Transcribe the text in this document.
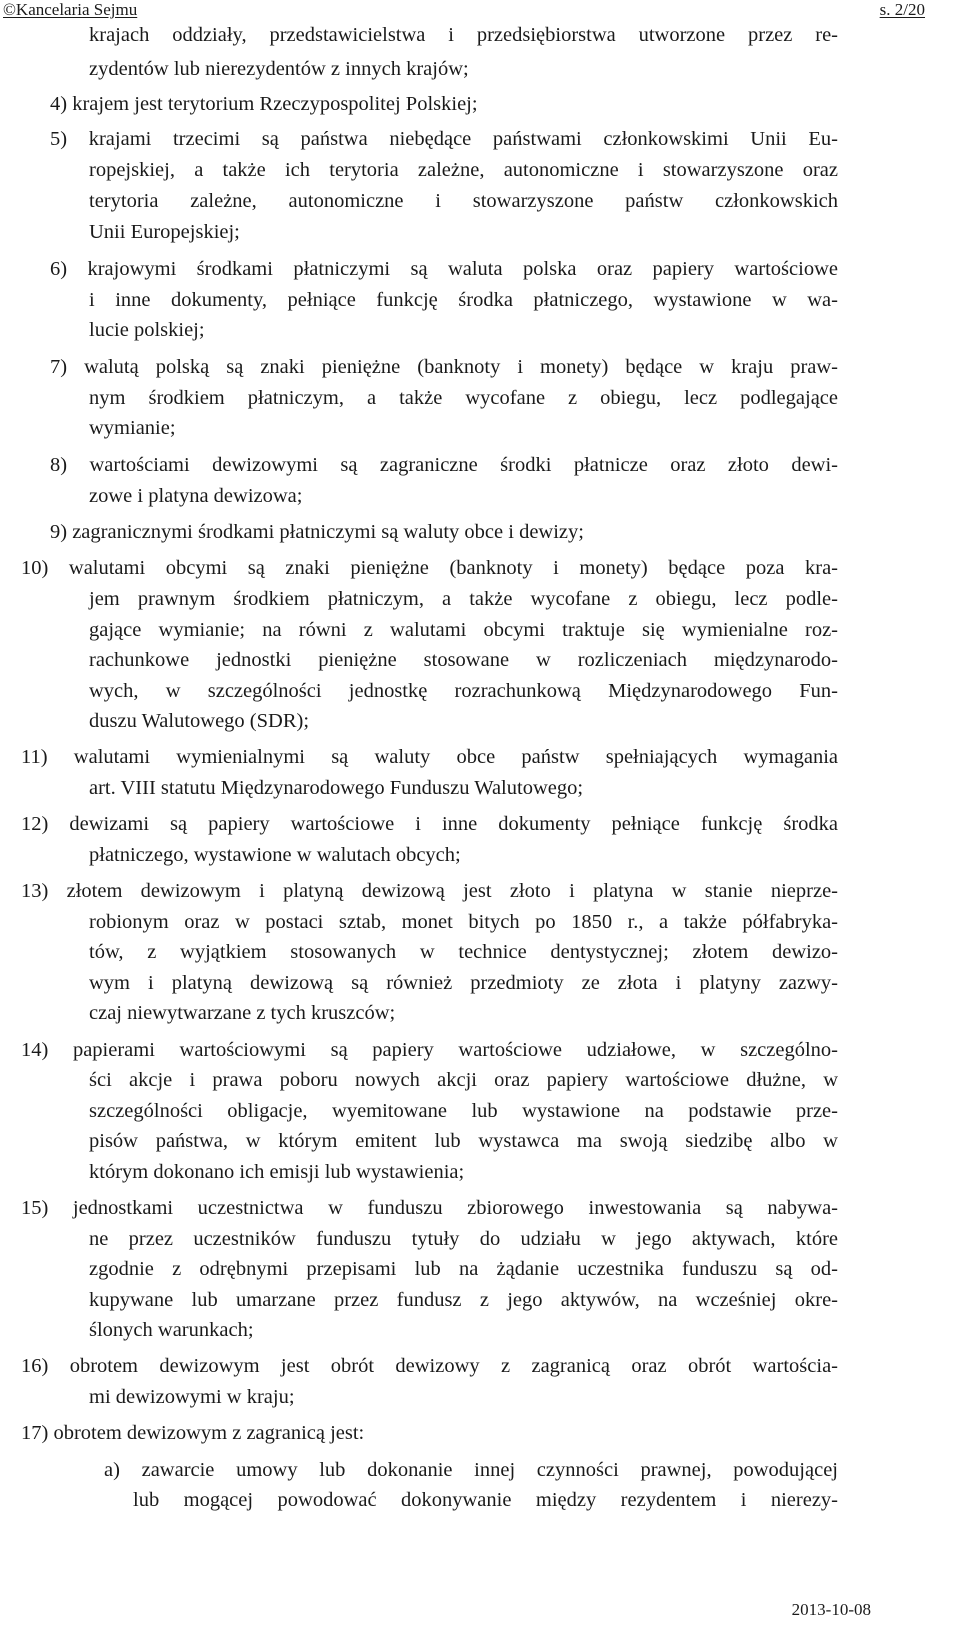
©Kancelaria Sejmu	s. 2/20
krajach oddziały, przedstawicielstwa i przedsiębiorstwa utworzone przez re-
zydentów lub nierezydentów z innych krajów;
4) krajem jest terytorium Rzeczypospolitej Polskiej;
5) krajami trzecimi są państwa niebędące państwami członkowskimi Unii Eu-
ropejskiej, a także ich terytoria zależne, autonomiczne i stowarzyszone oraz
terytoria zależne, autonomiczne i stowarzyszone państw członkowskich
Unii Europejskiej;
6) krajowymi środkami płatniczymi są waluta polska oraz papiery wartościowe
i inne dokumenty, pełniące funkcję środka płatniczego, wystawione w wa-
lucie polskiej;
7) walutą polską są znaki pieniężne (banknoty i monety) będące w kraju praw-
nym środkiem płatniczym, a także wycofane z obiegu, lecz podlegające
wymianie;
8) wartościami dewizowymi są zagraniczne środki płatnicze oraz złoto dewi-
zowe i platyna dewizowa;
9) zagranicznymi środkami płatniczymi są waluty obce i dewizy;
10) walutami obcymi są znaki pieniężne (banknoty i monety) będące poza kra-
jem prawnym środkiem płatniczym, a także wycofane z obiegu, lecz podle-
gające wymianie; na równi z walutami obcymi traktuje się wymienialne roz-
rachunkowe jednostki pieniężne stosowane w rozliczeniach międzynarodo-
wych, w szczególności jednostkę rozrachunkową Międzynarodowego Fun-
duszu Walutowego (SDR);
11) walutami wymienialnymi są waluty obce państw spełniających wymagania
art. VIII statutu Międzynarodowego Funduszu Walutowego;
12) dewizami są papiery wartościowe i inne dokumenty pełniące funkcję środka
płatniczego, wystawione w walutach obcych;
13) złotem dewizowym i platyną dewizową jest złoto i platyna w stanie nieprze-
robionym oraz w postaci sztab, monet bitych po 1850 r., a także półfabryka-
tów, z wyjątkiem stosowanych w technice dentystycznej; złotem dewizo-
wym i platyną dewizową są również przedmioty ze złota i platyny zazwy-
czaj niewytwarzane z tych kruszców;
14) papierami wartościowymi są papiery wartościowe udziałowe, w szczególno-
ści akcje i prawa poboru nowych akcji oraz papiery wartościowe dłużne, w
szczególności obligacje, wyemitowane lub wystawione na podstawie prze-
pisów państwa, w którym emitent lub wystawca ma swoją siedzibę albo w
którym dokonano ich emisji lub wystawienia;
15) jednostkami uczestnictwa w funduszu zbiorowego inwestowania są nabywa-
ne przez uczestników funduszu tytuły do udziału w jego aktywach, które
zgodnie z odrębnymi przepisami lub na żądanie uczestnika funduszu są od-
kupywane lub umarzane przez fundusz z jego aktywów, na wcześniej okre-
ślonych warunkach;
16) obrotem dewizowym jest obrót dewizowy z zagranicą oraz obrót wartościa-
mi dewizowymi w kraju;
17) obrotem dewizowym z zagranicą jest:
a) zawarcie umowy lub dokonanie innej czynności prawnej, powodującej
lub mogącej powodować dokonywanie między rezydentem i nierezy-
2013-10-08
